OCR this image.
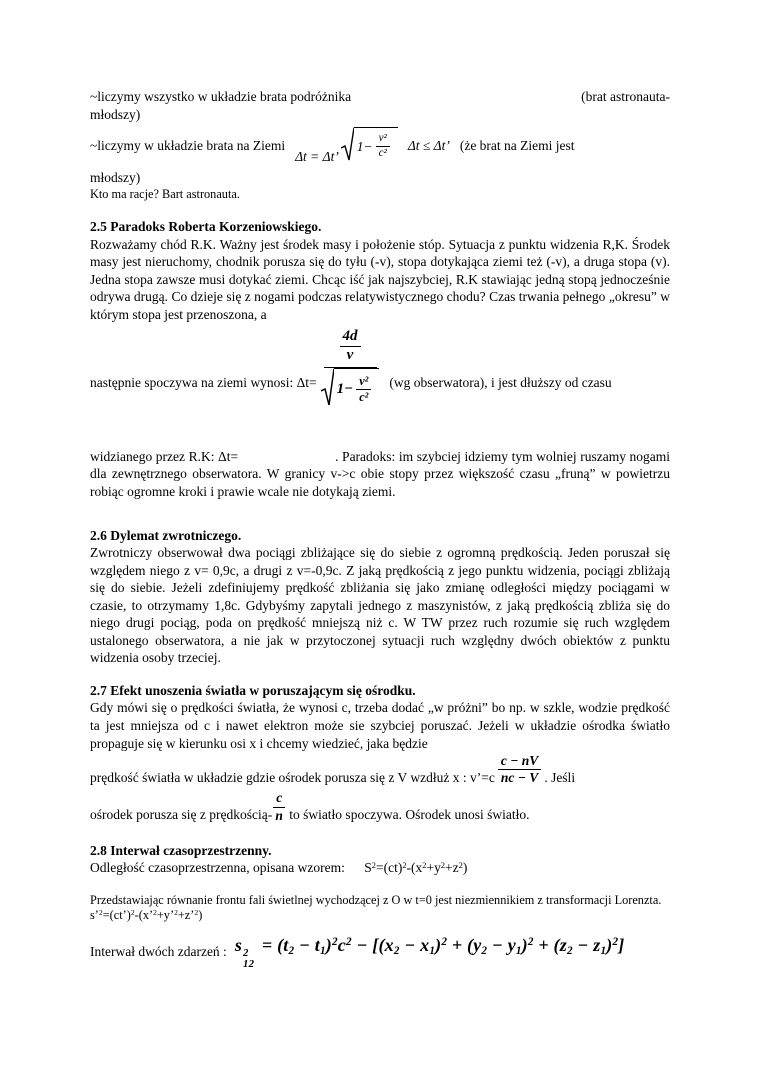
~liczymy wszystko w układzie brata podróżnika	(brat astronauta-
młodszy)
~liczymy w układzie brata na Ziemi
Δt = Δt’
$1- \frac{\text{v²}}{\text{c²}}$ Δt ≤ Δt’ (że brat na Ziemi jest
młodszy)
Kto ma racje? Bart astronauta.
2.5 Paradoks Roberta Korzeniowskiego.
Rozważamy chód R.K. Ważny jest środek masy i położenie stóp. Sytuacja z punktu widzenia R,K. Środek masy jest nieruchomy, chodnik porusza się do tyłu (-v), stopa dotykająca ziemi też (-v), a druga stopa (v). Jedna stopa zawsze musi dotykać ziemi. Chcąc iść jak najszybciej, R.K stawiając jedną stopą jednocześnie odrywa drugą. Co dzieje się z nogami podczas relatywistycznego chodu? Czas trwania pełnego „okresu” w którym stopa jest przenoszona, a
następnie spoczywa na ziemi wynosi: $\Delta t= \frac{\frac{4d}{v}}{1- \frac{\text{v²}}{\text{c²}}} (wg$ obserwatora), i jest dłuższy od czasu
widzianego przez R.K: Δt=	. Paradoks: im szybciej idziemy tym wolniej ruszamy nogami dla zewnętrznego obserwatora. W granicy v->c obie stopy przez większość czasu „fruną” w powietrzu robiąc ogromne kroki i prawie wcale nie dotykają ziemi.
2.6 Dylemat zwrotniczego.
Zwrotniczy obserwował dwa pociągi zbliżające się do siebie z ogromną prędkością. Jeden poruszał się względem niego z v= 0,9c, a drugi z v=-0,9c. Z jaką prędkością z jego punktu widzenia, pociągi zbliżają się do siebie. Jeżeli zdefiniujemy prędkość zbliżania się jako zmianę odległości między pociągami w czasie, to otrzymamy 1,8c. Gdybyśmy zapytali jednego z maszynistów, z jaką prędkością zbliża się do niego drugi pociąg, poda on prędkość mniejszą niż c. W TW przez ruch rozumie się ruch względem ustalonego obserwatora, a nie jak w przytoczonej sytuacji ruch względny dwóch obiektów z punktu widzenia osoby trzeciej.
2.7 Efekt unoszenia światła w poruszającym się ośrodku.
Gdy mówi się o prędkości światła, że wynosi c, trzeba dodać „w próżni” bo np. w szkle, wodzie prędkość ta jest mniejsza od c i nawet elektron może sie szybciej poruszać. Jeżeli w układzie ośrodka światło propaguje się w kierunku osi x i chcemy wiedzieć, jaka będzie
prędkość światła w układzie gdzie ośrodek porusza się z V wzdłuż x : v’=c $\frac{c - nV}{nc - V}$ . Jeśli
ośrodek porusza się z prędkością- $\frac{c}{n}$ to światło spoczywa. Ośrodek unosi światło.
2.8 Interwał czasoprzestrzenny.
Odległość czasoprzestrzenna, opisana wzorem: $S^2=(ct)^2-(x^2+y^2+z^2)$
Przedstawiając równanie frontu fali świetlnej wychodzącej z O w t=0 jest niezmiennikiem z transformacji Lorenzta. s’$^2$=(ct’)$^2$-(x’$^2$+y’$^2$+z’$^2$)
Interwał dwóch zdarzeń : s 2
12
= $(t_2 - t_1)^2c^2 - [(x_2 - x_1)^2 + (y_2 - y_1)^2 + (z_2 - z_1)^2]$
